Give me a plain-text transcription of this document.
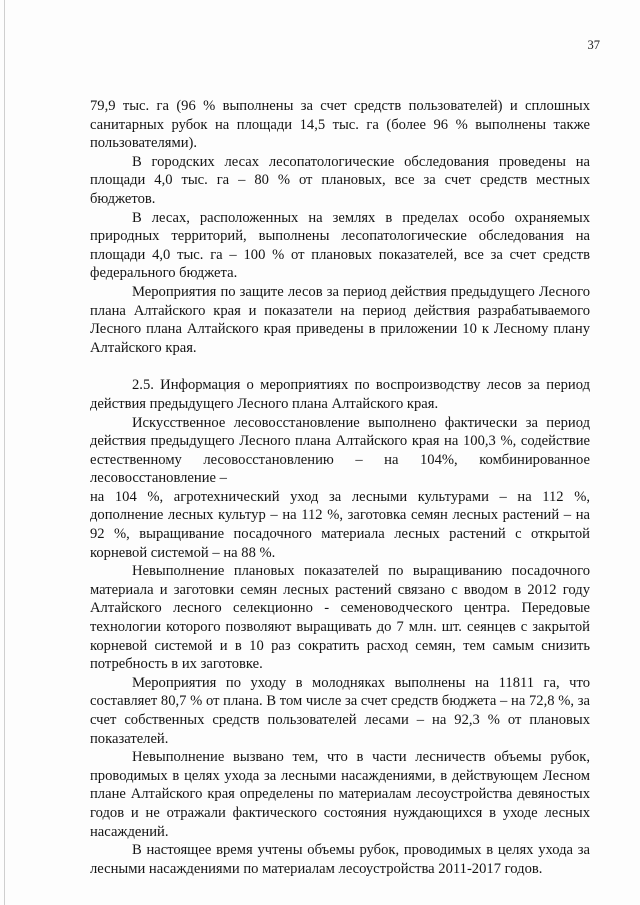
37

79,9 тыс. га (96 % выполнены за счет средств пользователей) и сплошных санитарных рубок на площади 14,5 тыс. га (более 96 % выполнены также пользователями).

В городских лесах лесопатологические обследования проведены на площади 4,0 тыс. га – 80 % от плановых, все за счет средств местных бюджетов.

В лесах, расположенных на землях в пределах особо охраняемых природных территорий, выполнены лесопатологические обследования на площади 4,0 тыс. га – 100 % от плановых показателей, все за счет средств федерального бюджета.

Мероприятия по защите лесов за период действия предыдущего Лесного плана Алтайского края и показатели на период действия разрабатываемого Лесного плана Алтайского края приведены в приложении 10 к Лесному плану Алтайского края.

2.5. Информация о мероприятиях по воспроизводству лесов за период действия предыдущего Лесного плана Алтайского края.

Искусственное лесовосстановление выполнено фактически за период действия предыдущего Лесного плана Алтайского края на 100,3 %, содействие естественному лесовосстановлению – на 104%, комбинированное лесовосстановление –

на 104 %, агротехнический уход за лесными культурами – на 112 %, дополнение лесных культур – на 112 %, заготовка семян лесных растений – на 92 %, выращивание посадочного материала лесных растений с открытой корневой системой – на 88 %.

Невыполнение плановых показателей по выращиванию посадочного материала и заготовки семян лесных растений связано с вводом в 2012 году Алтайского лесного селекционно - семеноводческого центра. Передовые технологии которого позволяют выращивать до 7 млн. шт. сеянцев с закрытой корневой системой и в 10 раз сократить расход семян, тем самым снизить потребность в их заготовке.

Мероприятия по уходу в молодняках выполнены на 11811 га, что составляет 80,7 % от плана. В том числе за счет средств бюджета – на 72,8 %, за счет собственных средств пользователей лесами – на 92,3 % от плановых показателей.

Невыполнение вызвано тем, что в части лесничеств объемы рубок, проводимых в целях ухода за лесными насаждениями, в действующем Лесном плане Алтайского края определены по материалам лесоустройства девяностых годов и не отражали фактического состояния нуждающихся в уходе лесных насаждений.

В настоящее время учтены объемы рубок, проводимых в целях ухода за лесными насаждениями по материалам лесоустройства 2011-2017 годов.
